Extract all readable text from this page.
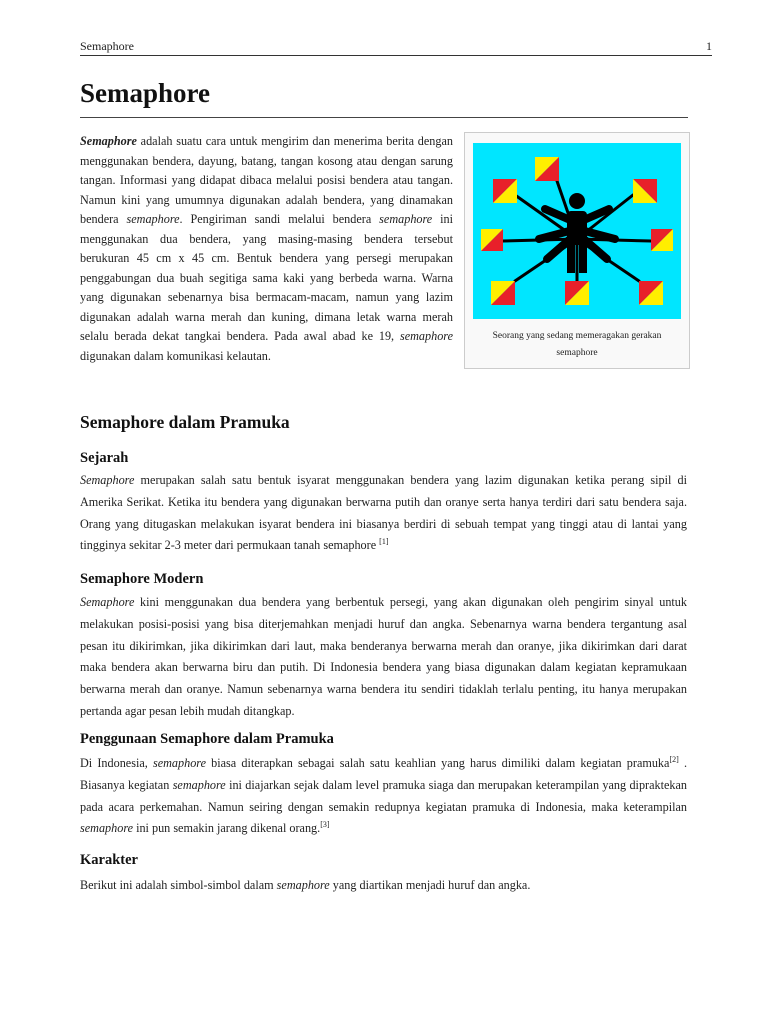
Semaphore	1
Semaphore

Semaphore adalah suatu cara untuk mengirim dan menerima berita dengan menggunakan bendera, dayung, batang, tangan kosong atau dengan sarung tangan. Informasi yang didapat dibaca melalui posisi bendera atau tangan. Namun kini yang umumnya digunakan adalah bendera, yang dinamakan bendera semaphore. Pengiriman sandi melalui bendera semaphore ini menggunakan dua bendera, yang masing-masing bendera tersebut berukuran 45 cm x 45 cm. Bentuk bendera yang persegi merupakan penggabungan dua buah segitiga sama kaki yang berbeda warna. Warna yang digunakan sebenarnya bisa bermacam-macam, namun yang lazim digunakan adalah warna merah dan kuning, dimana letak warna merah selalu berada dekat tangkai bendera. Pada awal abad ke 19, semaphore digunakan dalam komunikasi kelautan.

Seorang yang sedang memeragakan gerakan semaphore
Semaphore dalam Pramuka
Sejarah

Semaphore merupakan salah satu bentuk isyarat menggunakan bendera yang lazim digunakan ketika perang sipil di Amerika Serikat. Ketika itu bendera yang digunakan berwarna putih dan oranye serta hanya terdiri dari satu bendera saja. Orang yang ditugaskan melakukan isyarat bendera ini biasanya berdiri di sebuah tempat yang tinggi atau di lantai yang tingginya sekitar 2-3 meter dari permukaan tanah semaphore [1]

Semaphore Modern

Semaphore kini menggunakan dua bendera yang berbentuk persegi, yang akan digunakan oleh pengirim sinyal untuk melakukan posisi-posisi yang bisa diterjemahkan menjadi huruf dan angka. Sebenarnya warna bendera tergantung asal pesan itu dikirimkan, jika dikirimkan dari laut, maka benderanya berwarna merah dan oranye, jika dikirimkan dari darat maka bendera akan berwarna biru dan putih. Di Indonesia bendera yang biasa digunakan dalam kegiatan kepramukaan berwarna merah dan oranye. Namun sebenarnya warna bendera itu sendiri tidaklah terlalu penting, itu hanya merupakan pertanda agar pesan lebih mudah ditangkap.

Penggunaan Semaphore dalam Pramuka

Di Indonesia, semaphore biasa diterapkan sebagai salah satu keahlian yang harus dimiliki dalam kegiatan pramuka[2] . Biasanya kegiatan semaphore ini diajarkan sejak dalam level pramuka siaga dan merupakan keterampilan yang dipraktekan pada acara perkemahan. Namun seiring dengan semakin redupnya kegiatan pramuka di Indonesia, maka keterampilan semaphore ini pun semakin jarang dikenal orang.[3]

Karakter

Berikut ini adalah simbol-simbol dalam semaphore yang diartikan menjadi huruf dan angka.
